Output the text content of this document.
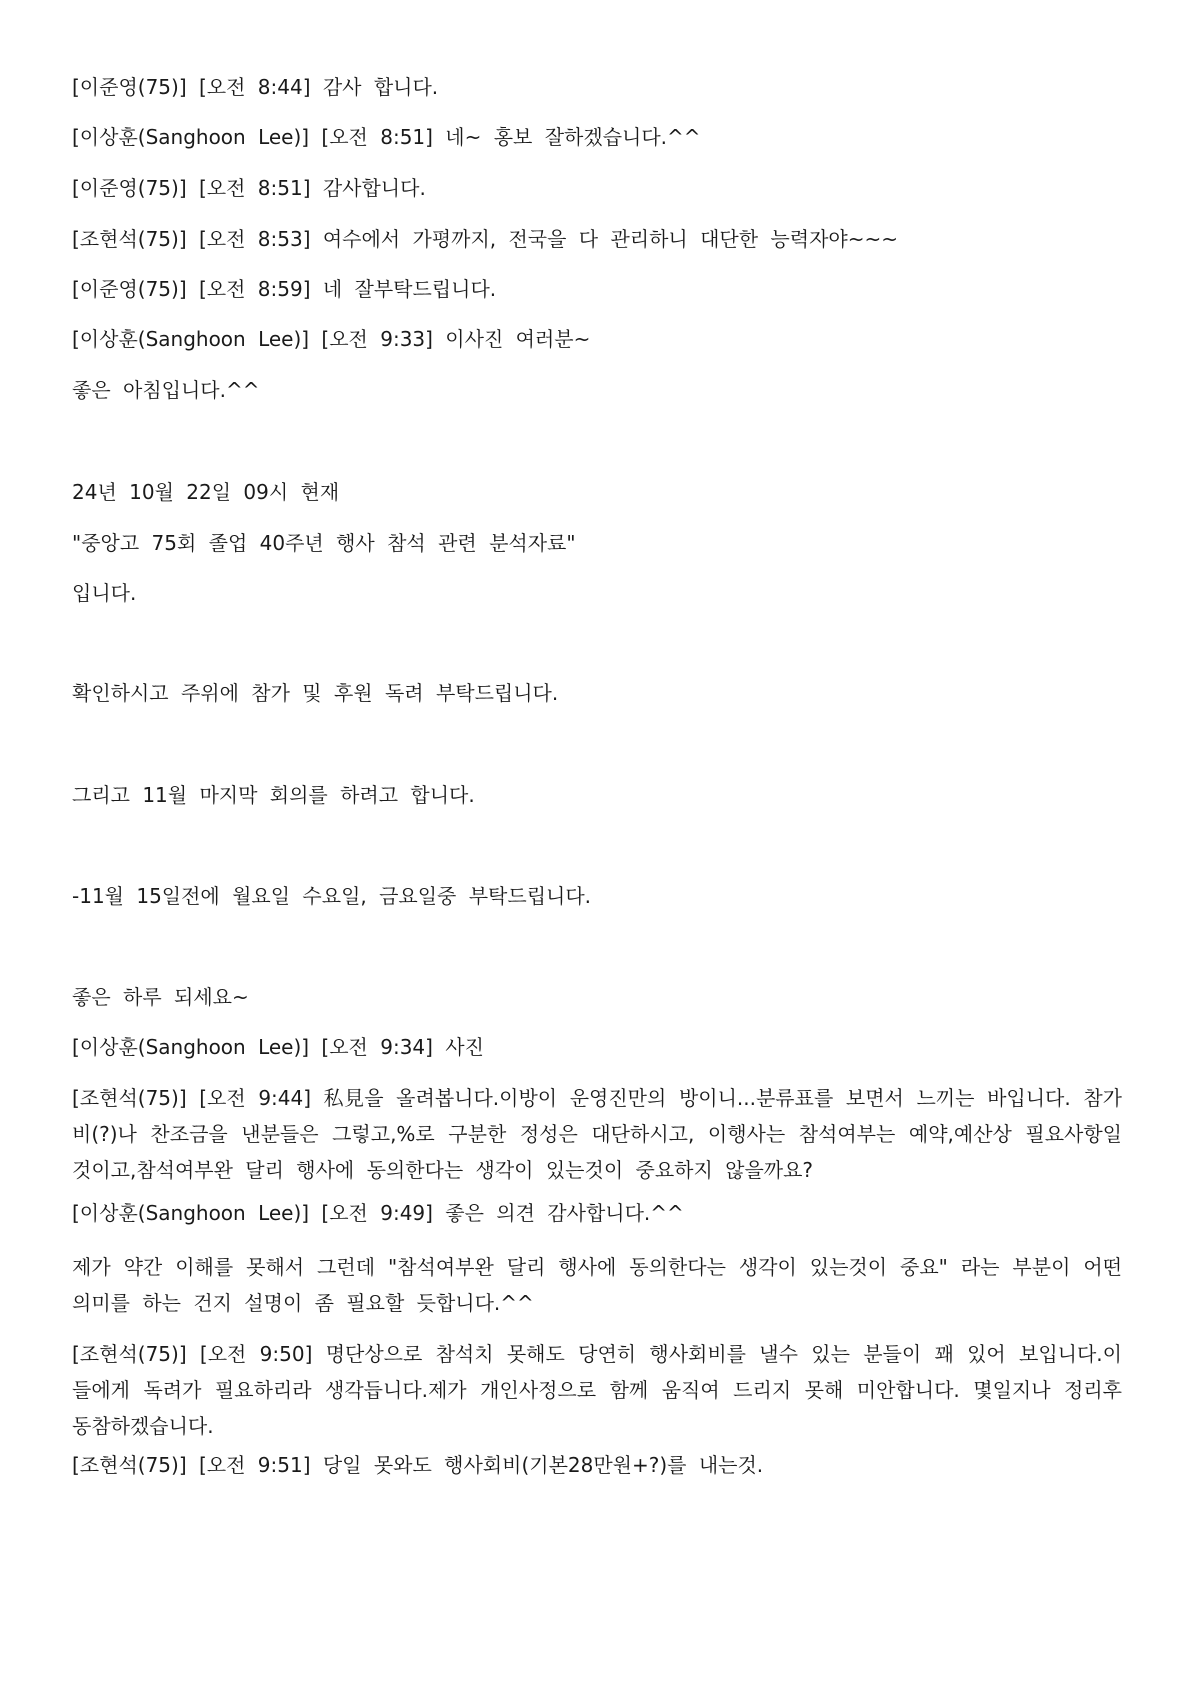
[이준영(75)] [오전 8:44] 감사 합니다.
[이상훈(Sanghoon Lee)] [오전 8:51] 네~ 홍보 잘하겠습니다.^^
[이준영(75)] [오전 8:51] 감사합니다.
[조현석(75)] [오전 8:53] 여수에서 가평까지, 전국을 다 관리하니 대단한 능력자야~~~
[이준영(75)] [오전 8:59] 네 잘부탁드립니다.
[이상훈(Sanghoon Lee)] [오전 9:33] 이사진 여러분~
좋은 아침입니다.^^
24년 10월 22일 09시 현재
"중앙고 75회 졸업 40주년 행사 참석 관련 분석자료"
입니다.
확인하시고 주위에 참가 및 후원 독려 부탁드립니다.
그리고 11월 마지막 회의를 하려고 합니다.
-11월 15일전에 월요일 수요일, 금요일중 부탁드립니다.
좋은 하루 되세요~
[이상훈(Sanghoon Lee)] [오전 9:34] 사진
[조현석(75)] [오전 9:44] 私見을 올려봅니다.이방이 운영진만의 방이니...분류표를 보면서 느끼는 바입니다. 참가비(?)나 찬조금을 낸분들은 그렇고,%로 구분한 정성은 대단하시고, 이행사는 참석여부는 예약,예산상 필요사항일것이고,참석여부완 달리 행사에 동의한다는 생각이 있는것이 중요하지 않을까요?
[이상훈(Sanghoon Lee)] [오전 9:49] 좋은 의견 감사합니다.^^
제가 약간 이해를 못해서 그런데 "참석여부완 달리 행사에 동의한다는 생각이 있는것이 중요" 라는 부분이 어떤 의미를 하는 건지 설명이 좀 필요할 듯합니다.^^
[조현석(75)] [오전 9:50] 명단상으로 참석치 못해도 당연히 행사회비를 낼수 있는 분들이 꽤 있어 보입니다.이들에게 독려가 필요하리라 생각듭니다.제가 개인사정으로 함께 움직여 드리지 못해 미안합니다. 몇일지나 정리후 동참하겠습니다.
[조현석(75)] [오전 9:51] 당일 못와도 행사회비(기본28만원+?)를 내는것.
